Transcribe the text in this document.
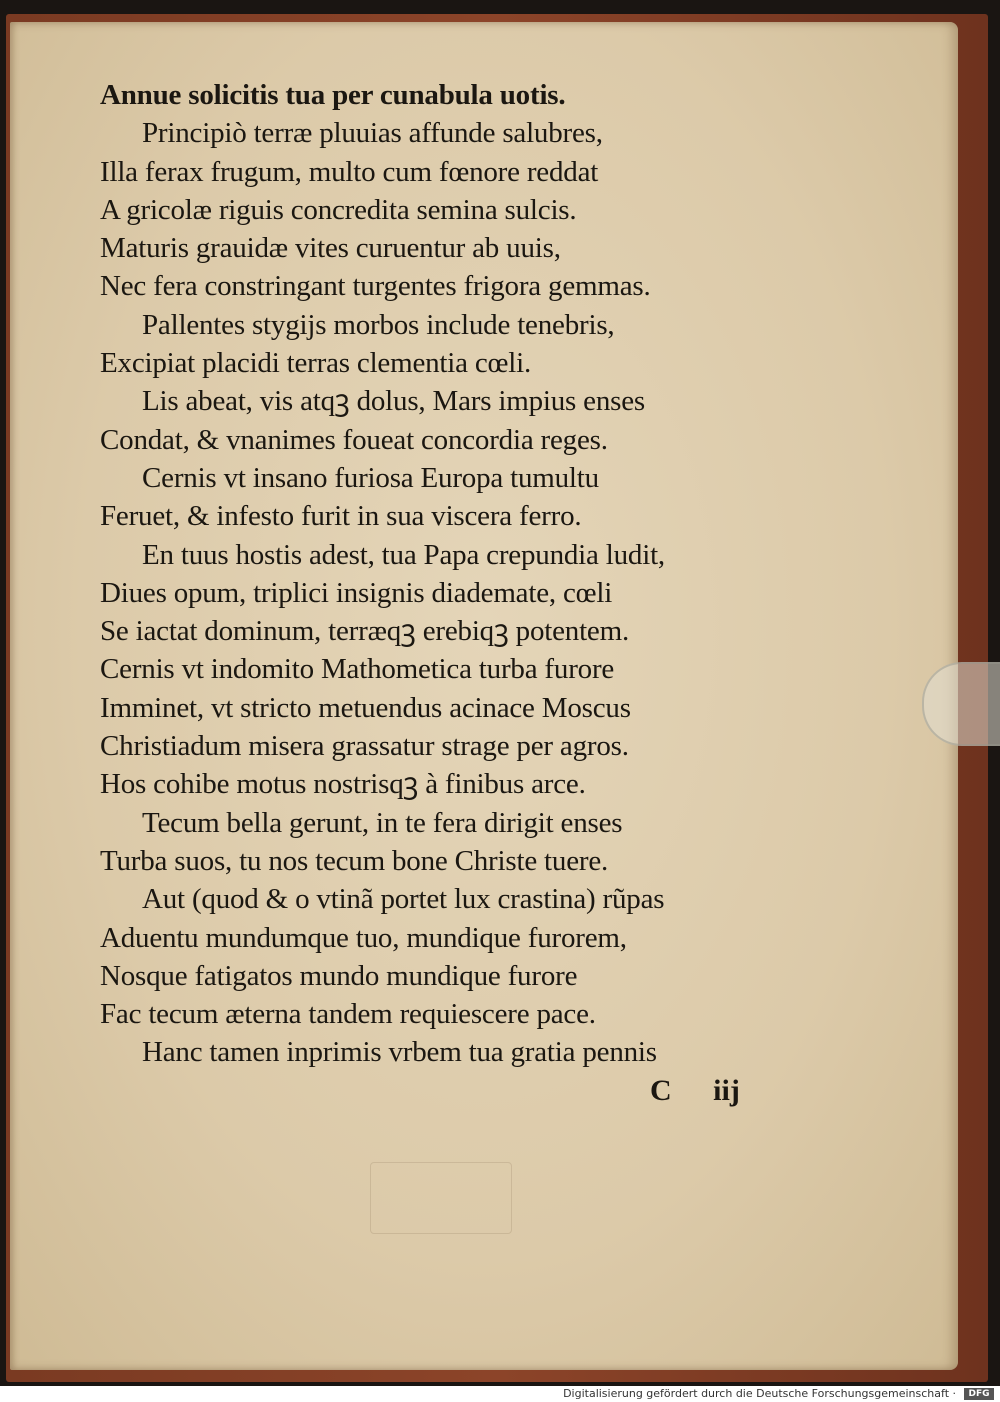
Annue solicitis tua per cunabula uotis.
Principiò terræ pluuias affunde salubres,
Illa ferax frugum, multo cum fœnore reddat
A gricolæ riguis concredita semina sulcis.
Maturis grauidæ vites curuentur ab uuis,
Nec fera constringant turgentes frigora gemmas.
Pallentes stygijs morbos include tenebris,
Excipiat placidi terras clementia cœli.
Lis abeat, vis atqꝫ dolus, Mars impius enses
Condat, & vnanimes foueat concordia reges.
Cernis vt insano furiosa Europa tumultu
Feruet, & infesto furit in sua viscera ferro.
En tuus hostis adest, tua Papa crepundia ludit,
Diues opum, triplici insignis diademate, cœli
Se iactat dominum, terræqꝫ erebiqꝫ potentem.
Cernis vt indomito Mathometica turba furore
Imminet, vt stricto metuendus acinace Moscus
Christiadum misera grassatur strage per agros.
Hos cohibe motus nostrisqꝫ à finibus arce.
Tecum bella gerunt, in te fera dirigit enses
Turba suos, tu nos tecum bone Christe tuere.
Aut (quod & o vtinã portet lux crastina) rũpas
Aduentu mundumque tuo, mundique furorem,
Nosque fatigatos mundo mundique furore
Fac tecum æterna tandem requiescere pace.
Hanc tamen inprimis vrbem tua gratia pennis
C iij
Digitalisierung gefördert durch die Deutsche Forschungsgemeinschaft ·	DFG
